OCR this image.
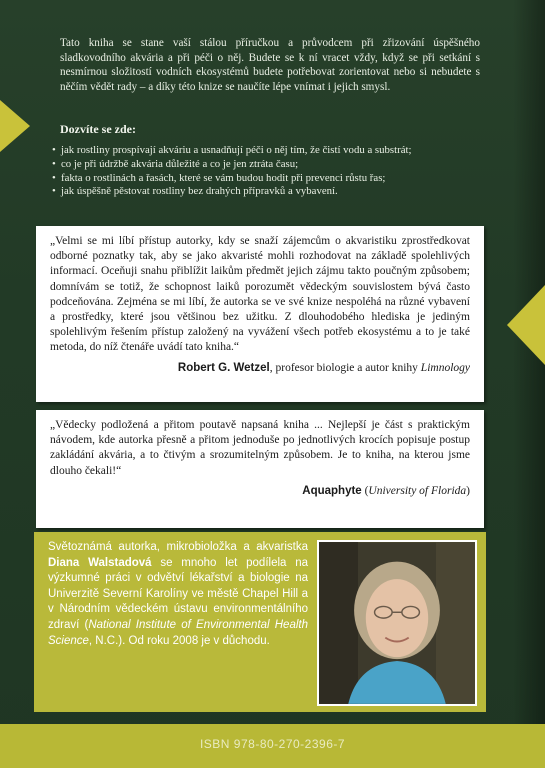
Tato kniha se stane vaší stálou příručkou a průvodcem při zřizování úspěšného sladkovodního akvária a při péči o něj. Budete se k ní vracet vždy, když se při setkání s nesmírnou složitostí vodních ekosystémů budete potřebovat zorientovat nebo si nebudete s něčím vědět rady – a díky této knize se naučíte lépe vnímat i jejich smysl.

Dozvíte se zde:
• jak rostliny prospívají akváriu a usnadňují péči o něj tím, že čistí vodu a substrát;
• co je při údržbě akvária důležité a co je jen ztráta času;
• fakta o rostlinách a řasách, které se vám budou hodit při prevenci růstu řas;
• jak úspěšně pěstovat rostliny bez drahých přípravků a vybavení.

„Velmi se mi líbí přístup autorky, kdy se snaží zájemcům o akvaristiku zprostředkovat odborné poznatky tak, aby se jako akvaristé mohli rozhodovat na základě spolehlivých informací. Oceňuji snahu přiblížit laikům předmět jejich zájmu takto poučným způsobem; domnívám se totiž, že schopnost laiků porozumět vědeckým souvislostem bývá často podceňována. Zejména se mi líbí, že autorka se ve své knize nespoléhá na různé vybavení a prostředky, které jsou většinou bez užitku. Z dlouhodobého hlediska je jediným spolehlivým řešením přístup založený na vyvážení všech potřeb ekosystému a to je také metoda, do níž čtenáře uvádí tato kniha.“

Robert G. Wetzel, profesor biologie a autor knihy Limnology

„Vědecky podložená a přitom poutavě napsaná kniha ... Nejlepší je část s praktickým návodem, kde autorka přesně a přitom jednoduše po jednotlivých krocích popisuje postup zakládání akvária, a to čtivým a srozumitelným způsobem. Je to kniha, na kterou jsme dlouho čekali!“

Aquaphyte (University of Florida)

Světoznámá autorka, mikrobioložka a akvaristka Diana Walstadová se mnoho let podílela na výzkumné práci v odvětví lékařství a biologie na Univerzitě Severní Karolíny ve městě Chapel Hill a v Národním vědeckém ústavu environmentálního zdraví (National Institute of Environmental Health Science, N.C.). Od roku 2008 je v důchodu.

ISBN 978-80-270-2396-7
